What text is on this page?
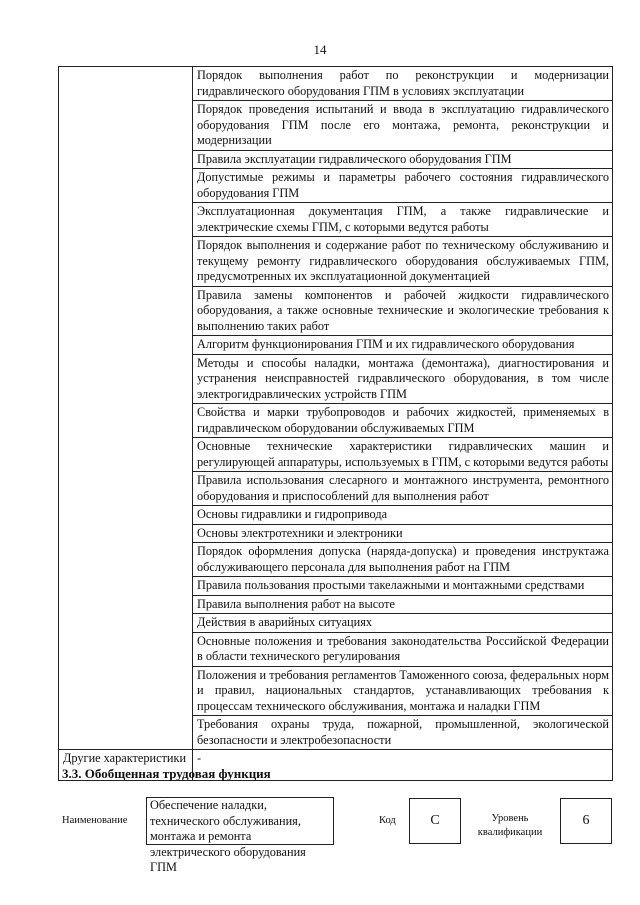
14
	Порядок выполнения работ по реконструкции и модернизации гидравлического оборудования ГПМ в условиях эксплуатации
	Порядок проведения испытаний и ввода в эксплуатацию гидравлического оборудования ГПМ после его монтажа, ремонта, реконструкции и модернизации
	Правила эксплуатации гидравлического оборудования ГПМ
	Допустимые режимы и параметры рабочего состояния гидравлического оборудования ГПМ
	Эксплуатационная документация ГПМ, а также гидравлические и электрические схемы ГПМ, с которыми ведутся работы
	Порядок выполнения и содержание работ по техническому обслуживанию и текущему ремонту гидравлического оборудования обслуживаемых ГПМ, предусмотренных их эксплуатационной документацией
	Правила замены компонентов и рабочей жидкости гидравлического оборудования, а также основные технические и экологические требования к выполнению таких работ
	Алгоритм функционирования ГПМ и их гидравлического оборудования
	Методы и способы наладки, монтажа (демонтажа), диагностирования и устранения неисправностей гидравлического оборудования, в том числе электрогидравлических устройств ГПМ
	Свойства и марки трубопроводов и рабочих жидкостей, применяемых в гидравлическом оборудовании обслуживаемых ГПМ
	Основные технические характеристики гидравлических машин и регулирующей аппаратуры, используемых в ГПМ, с которыми ведутся работы
	Правила использования слесарного и монтажного инструмента, ремонтного оборудования и приспособлений для выполнения работ
	Основы гидравлики и гидропривода
	Основы электротехники и электроники
	Порядок оформления допуска (наряда-допуска) и проведения инструктажа обслуживающего персонала для выполнения работ на ГПМ
	Правила пользования простыми такелажными и монтажными средствами
	Правила выполнения работ на высоте
	Действия в аварийных ситуациях
	Основные положения и требования законодательства Российской Федерации в области технического регулирования
	Положения и требования регламентов Таможенного союза, федеральных норм и правил, национальных стандартов, устанавливающих требования к процессам технического обслуживания, монтажа и наладки ГПМ
	Требования охраны труда, пожарной, промышленной, экологической безопасности и электробезопасности
Другие характеристики	-
3.3. Обобщенная трудовая функция
Наименование
Обеспечение наладки, технического обслуживания, монтажа и ремонта электрического оборудования ГПМ
Код	С	Уровень квалификации
6
